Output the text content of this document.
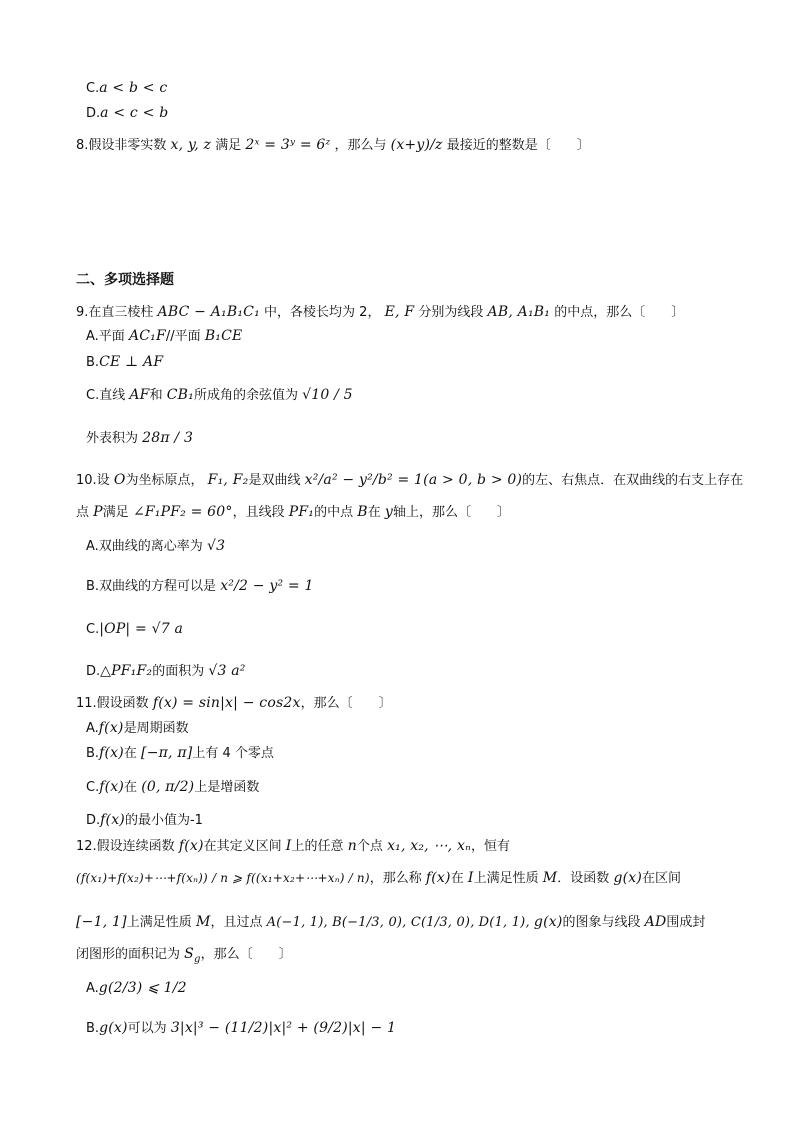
C.a < b < c
D.a < c < b
8.假设非零实数 x, y, z 满足 2ˣ = 3ʸ = 6ᶻ ，那么与 (x+y)/z 最接近的整数是〔　　〕
二、多项选择题
9.在直三棱柱 ABC − A₁B₁C₁ 中，各棱长均为 2， E, F 分别为线段 AB, A₁B₁ 的中点，那么〔　　〕
A.平面 AC₁F//平面 B₁CE
B.CE ⊥ AF
C.直线 AF和 CB₁所成角的余弦值为 √10 / 5
外表积为 28π / 3
10.设 O为坐标原点， F₁, F₂是双曲线 x²/a² − y²/b² = 1(a > 0, b > 0)的左、右焦点．在双曲线的右支上存在
点 P满足 ∠F₁PF₂ = 60°，且线段 PF₁的中点 B在 y轴上，那么〔　　〕
A.双曲线的离心率为 √3
B.双曲线的方程可以是 x²/2 − y² = 1
C.|OP| = √7 a
D.△PF₁F₂的面积为 √3 a²
11.假设函数 f(x) = sin|x| − cos2x，那么〔　　〕
A.f(x)是周期函数
B.f(x)在 [−π, π]上有 4 个零点
C.f(x)在 (0, π/2)上是增函数
D.f(x)的最小值为-1
12.假设连续函数 f(x)在其定义区间 I上的任意 n个点 x₁, x₂, ⋯, xₙ，恒有
(f(x₁)+f(x₂)+⋯+f(xₙ)) / n ⩾ f((x₁+x₂+⋯+xₙ) / n)，那么称 f(x)在 I上满足性质 M．设函数 g(x)在区间
[−1, 1]上满足性质 M，且过点 A(−1, 1), B(−1/3, 0), C(1/3, 0), D(1, 1), g(x)的图象与线段 AD围成封
闭图形的面积记为 $S_g$，那么〔　　〕
A.g(2/3) ⩽ 1/2
B.g(x)可以为 3|x|³ − (11/2)|x|² + (9/2)|x| − 1
